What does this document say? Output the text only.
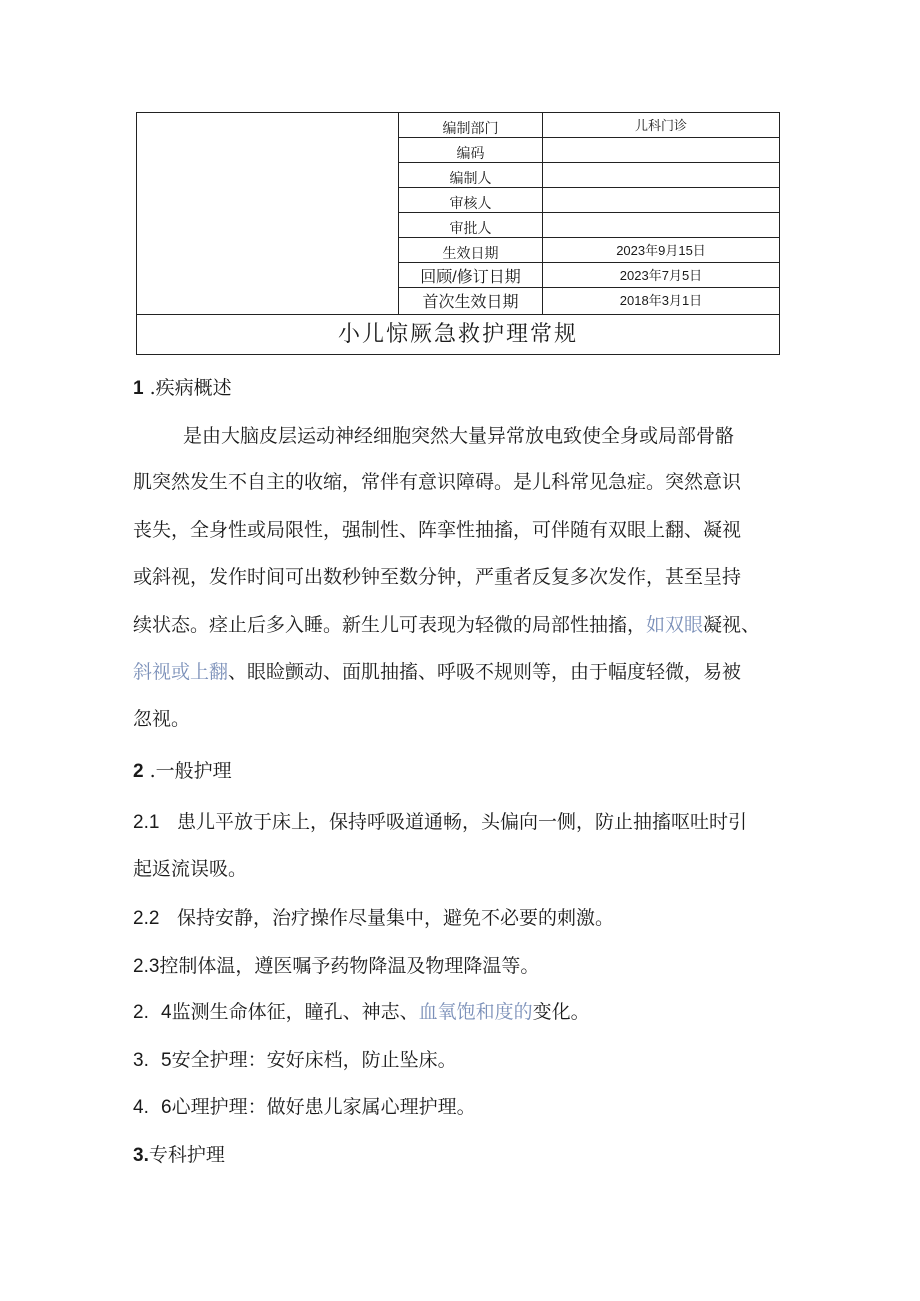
编制部门	儿科门诊
编码
编制人
审核人
审批人
生效日期	2023年9月15日
回顾/修订日期	2023年7月5日
首次生效日期	2018年3月1日
小儿惊厥急救护理常规
1 .疾病概述
是由大脑皮层运动神经细胞突然大量异常放电致使全身或局部骨骼
肌突然发生不自主的收缩，常伴有意识障碍。是儿科常见急症。突然意识
丧失，全身性或局限性，强制性、阵挛性抽搐，可伴随有双眼上翻、凝视
或斜视，发作时间可出数秒钟至数分钟，严重者反复多次发作，甚至呈持
续状态。痉止后多入睡。新生儿可表现为轻微的局部性抽搐，如双眼凝视、
斜视或上翻、眼睑颤动、面肌抽搐、呼吸不规则等，由于幅度轻微，易被
忽视。
2 .一般护理
2.1 患儿平放于床上，保持呼吸道通畅，头偏向一侧，防止抽搐呕吐时引
起返流误吸。
2.2 保持安静，治疗操作尽量集中，避免不必要的刺激。
2.3控制体温，遵医嘱予药物降温及物理降温等。
2. 4监测生命体征，瞳孔、神志、血氧饱和度的变化。
3. 5安全护理：安好床档，防止坠床。
4. 6心理护理：做好患儿家属心理护理。
3.专科护理
